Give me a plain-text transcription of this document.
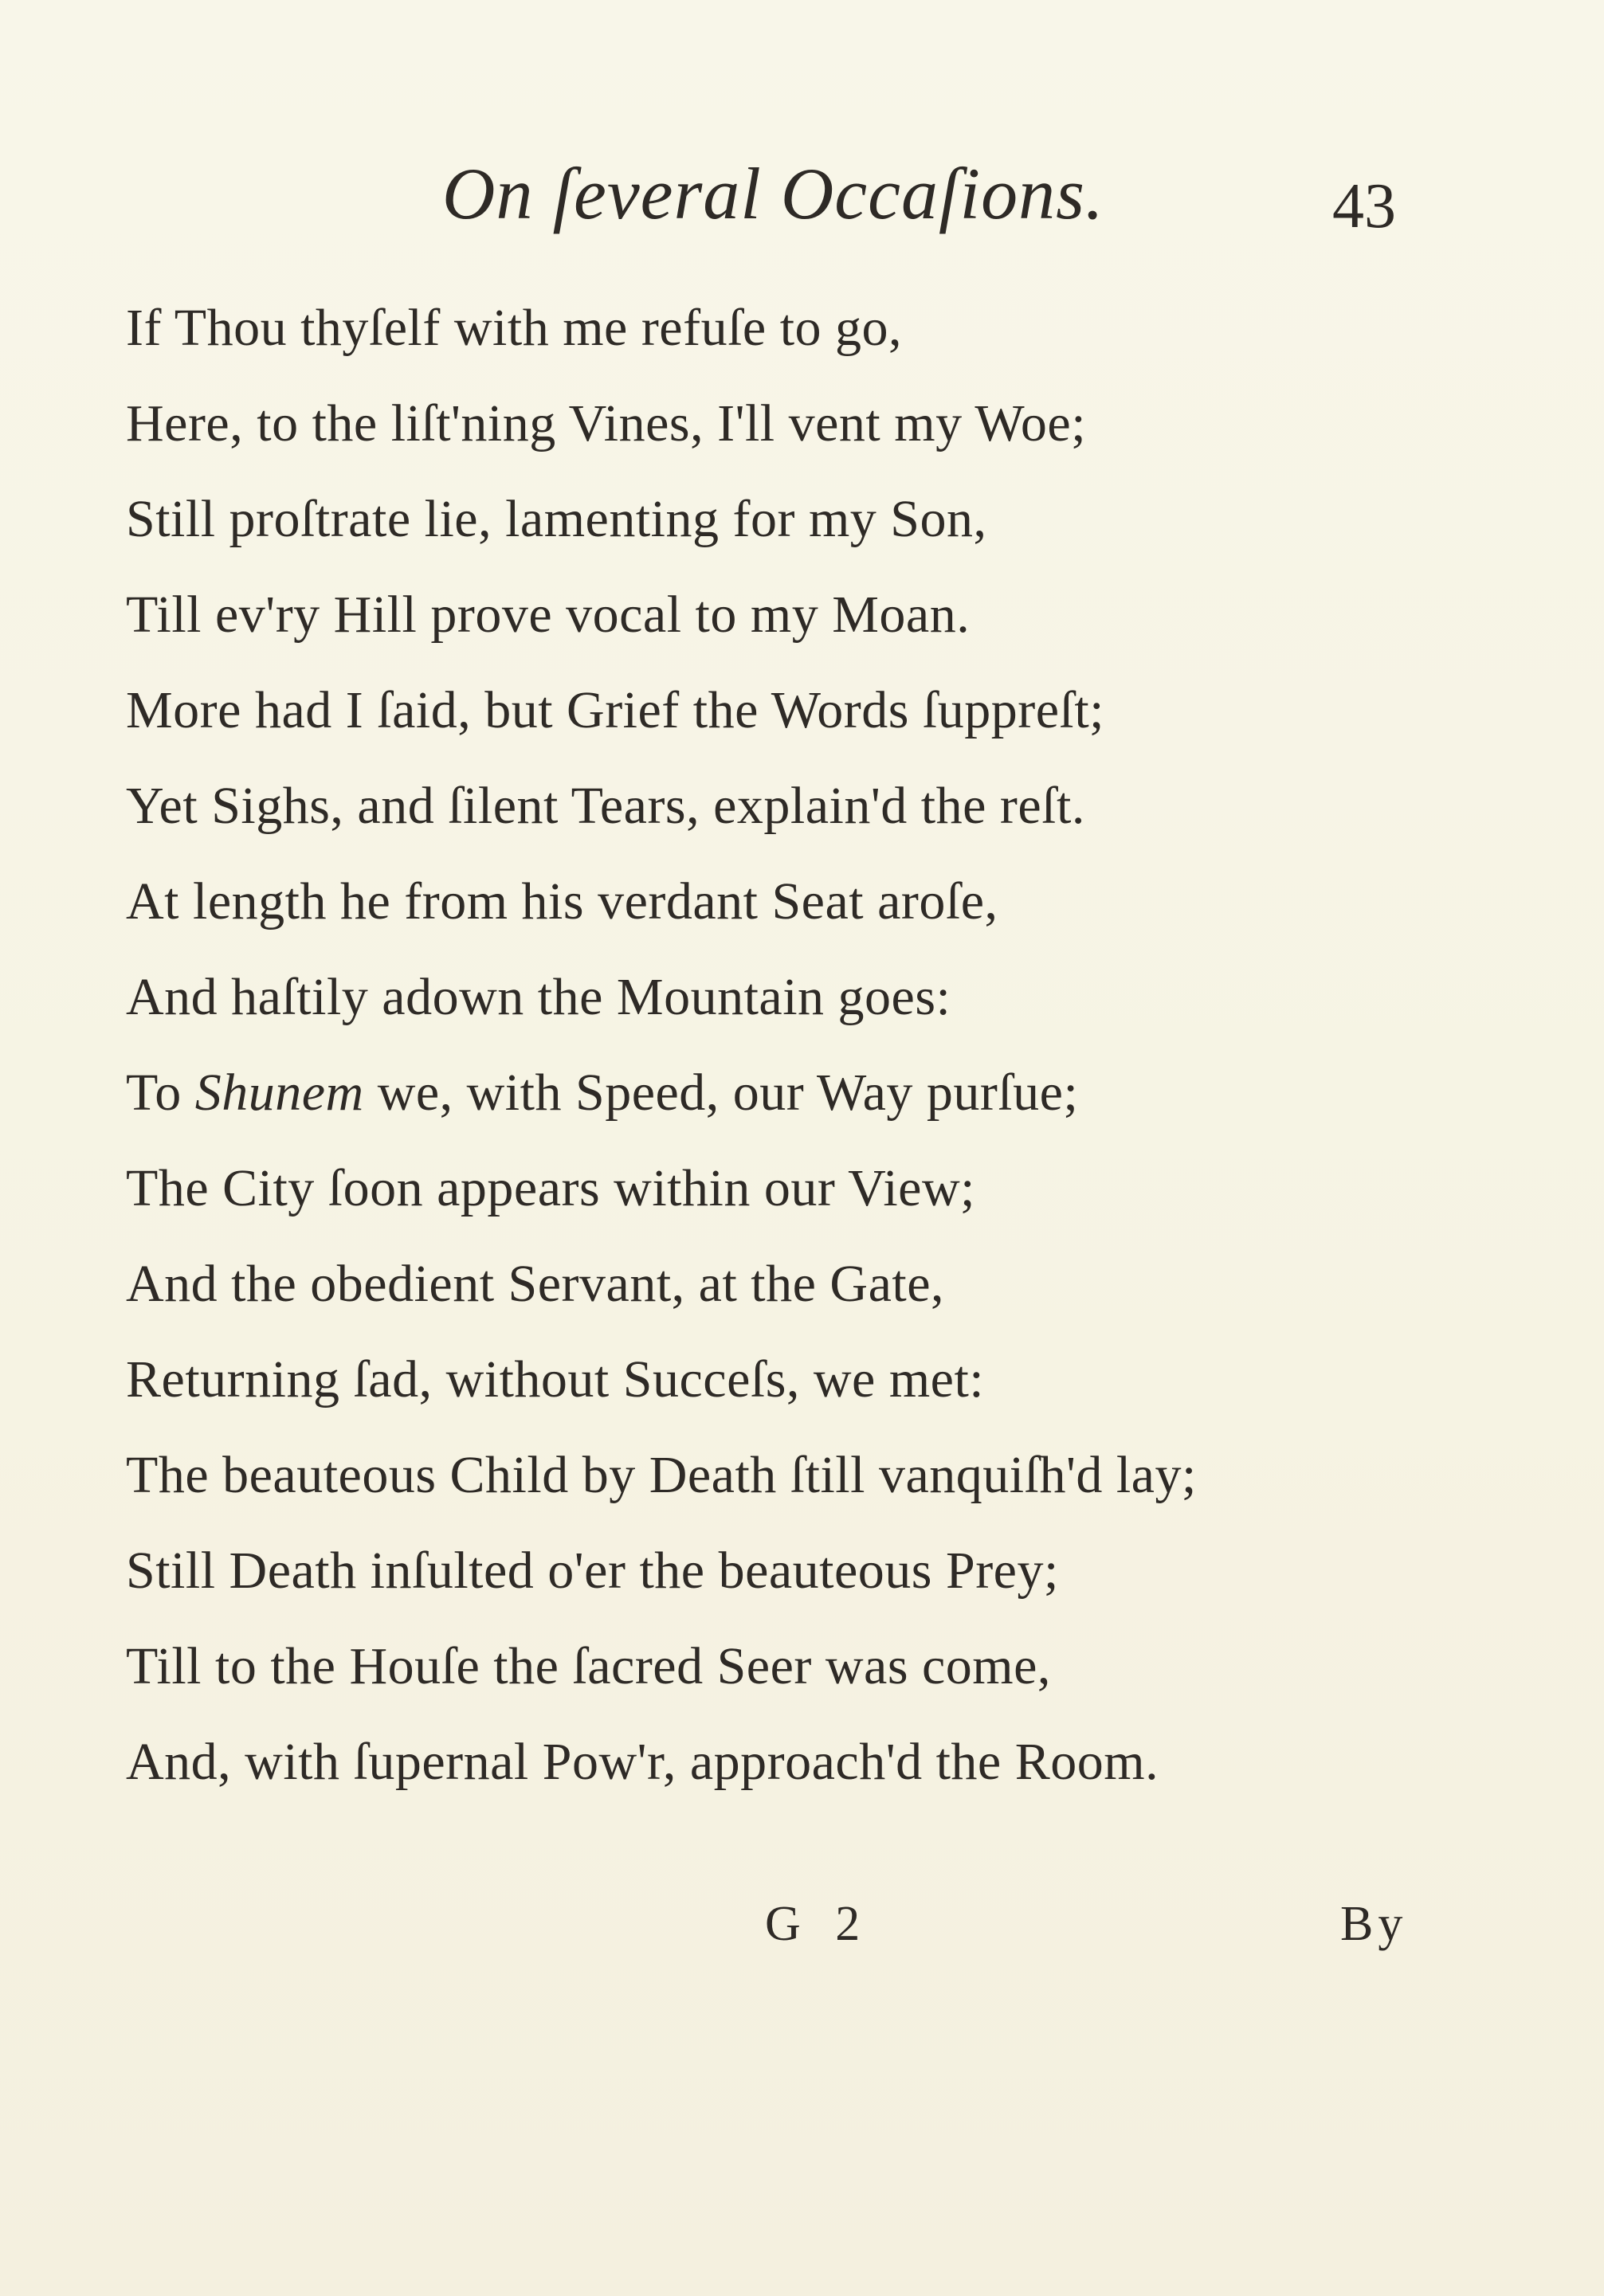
On ſeveral Occaſions.	43
If Thou thyſelf with me refuſe to go,
Here, to the liſt'ning Vines, I'll vent my Woe;
Still proſtrate lie, lamenting for my Son,
Till ev'ry Hill prove vocal to my Moan.
More had I ſaid, but Grief the Words ſuppreſt;
Yet Sighs, and ſilent Tears, explain'd the reſt.
At length he from his verdant Seat aroſe,
And haſtily adown the Mountain goes:
To Shunem we, with Speed, our Way purſue;
The City ſoon appears within our View;
And the obedient Servant, at the Gate,
Returning ſad, without Succeſs, we met:
The beauteous Child by Death ſtill vanquiſh'd lay;
Still Death inſulted o'er the beauteous Prey;
Till to the Houſe the ſacred Seer was come,
And, with ſupernal Pow'r, approach'd the Room.
G 2	By
